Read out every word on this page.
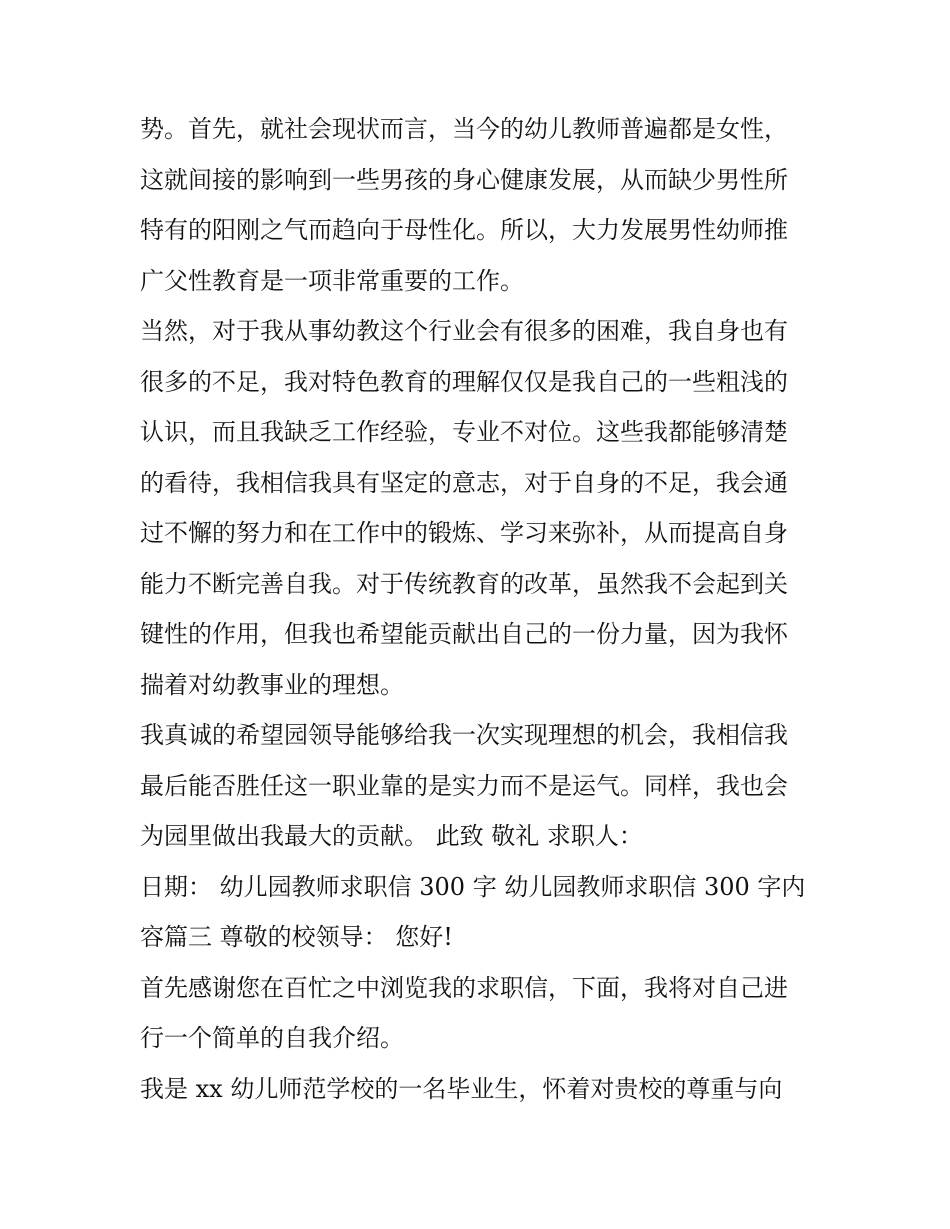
势。首先，就社会现状而言，当今的幼儿教师普遍都是女性，
这就间接的影响到一些男孩的身心健康发展，从而缺少男性所
特有的阳刚之气而趋向于母性化。所以，大力发展男性幼师推
广父性教育是一项非常重要的工作。
当然，对于我从事幼教这个行业会有很多的困难，我自身也有
很多的不足，我对特色教育的理解仅仅是我自己的一些粗浅的
认识，而且我缺乏工作经验，专业不对位。这些我都能够清楚
的看待，我相信我具有坚定的意志，对于自身的不足，我会通
过不懈的努力和在工作中的锻炼、学习来弥补，从而提高自身
能力不断完善自我。对于传统教育的改革，虽然我不会起到关
键性的作用，但我也希望能贡献出自己的一份力量，因为我怀
揣着对幼教事业的理想。
我真诚的希望园领导能够给我一次实现理想的机会，我相信我
最后能否胜任这一职业靠的是实力而不是运气。同样，我也会
为园里做出我最大的贡献。 此致 敬礼 求职人：
日期： 幼儿园教师求职信 300 字 幼儿园教师求职信 300 字内
容篇三 尊敬的校领导： 您好!
首先感谢您在百忙之中浏览我的求职信，下面，我将对自己进
行一个简单的自我介绍。
我是 xx 幼儿师范学校的一名毕业生，怀着对贵校的尊重与向
